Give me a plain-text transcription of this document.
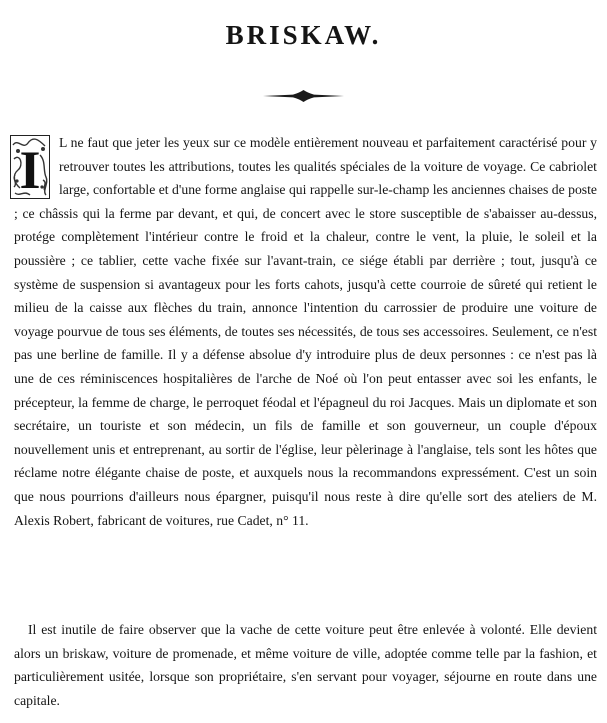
BRISKAW.

I L ne faut que jeter les yeux sur ce modèle entièrement nouveau et parfaitement caractérisé pour y retrouver toutes les attributions, toutes les qualités spéciales de la voiture de voyage. Ce cabriolet large, confortable et d'une forme anglaise qui rappelle sur-le-champ les anciennes chaises de poste ; ce châssis qui la ferme par devant, et qui, de concert avec le store susceptible de s'abaisser au-dessus, protége complètement l'intérieur contre le froid et la chaleur, contre le vent, la pluie, le soleil et la poussière ; ce tablier, cette vache fixée sur l'avant-train, ce siége établi par derrière ; tout, jusqu'à ce système de suspension si avantageux pour les forts cahots, jusqu'à cette courroie de sûreté qui retient le milieu de la caisse aux flèches du train, annonce l'intention du carrossier de produire une voiture de voyage pourvue de tous ses éléments, de toutes ses nécessités, de tous ses accessoires. Seulement, ce n'est pas une berline de famille. Il y a défense absolue d'y introduire plus de deux personnes : ce n'est pas là une de ces réminiscences hospitalières de l'arche de Noé où l'on peut entasser avec soi les enfants, le précepteur, la femme de charge, le perroquet féodal et l'épagneul du roi Jacques. Mais un diplomate et son secrétaire, un touriste et son médecin, un fils de famille et son gouverneur, un couple d'époux nouvellement unis et entreprenant, au sortir de l'église, leur pèlerinage à l'anglaise, tels sont les hôtes que réclame notre élégante chaise de poste, et auxquels nous la recommandons expressément. C'est un soin que nous pourrions d'ailleurs nous épargner, puisqu'il nous reste à dire qu'elle sort des ateliers de M. Alexis Robert, fabricant de voitures, rue Cadet, n° 11.

Il est inutile de faire observer que la vache de cette voiture peut être enlevée à volonté. Elle devient alors un briskaw, voiture de promenade, et même voiture de ville, adoptée comme telle par la fashion, et particulièrement usitée, lorsque son propriétaire, s'en servant pour voyager, séjourne en route dans une capitale.
